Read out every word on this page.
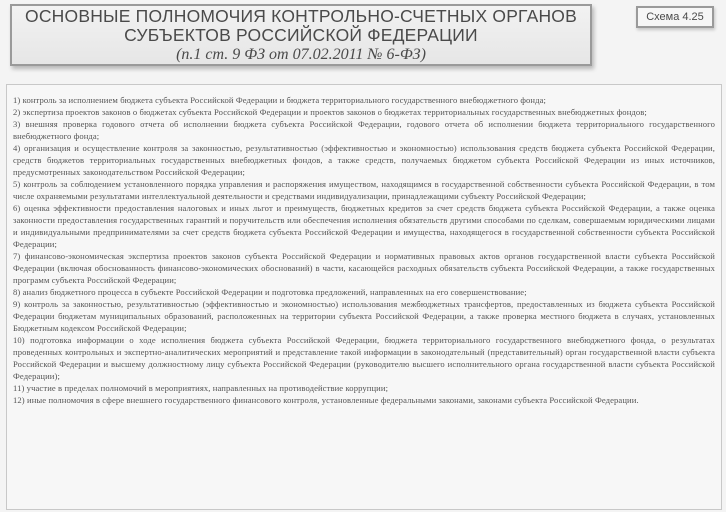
ОСНОВНЫЕ ПОЛНОМОЧИЯ КОНТРОЛЬНО-СЧЕТНЫХ ОРГАНОВ
СУБЪЕКТОВ РОССИЙСКОЙ ФЕДЕРАЦИИ
(п.1 ст. 9 ФЗ от 07.02.2011 № 6-ФЗ)
Схема 4.25

1) контроль за исполнением бюджета субъекта Российской Федерации и бюджета территориального государственного внебюджетного фонда;

2) экспертиза проектов законов о бюджетах субъекта Российской Федерации и проектов законов о бюджетах территориальных государственных внебюджетных фондов;

3) внешняя проверка годового отчета об исполнении бюджета субъекта Российской Федерации, годового отчета об исполнении бюджета территориального государственного внебюджетного фонда;

4) организация и осуществление контроля за законностью, результативностью (эффективностью и экономностью) использования средств бюджета субъекта Российской Федерации, средств бюджетов территориальных государственных внебюджетных фондов, а также средств, получаемых бюджетом субъекта Российской Федерации из иных источников, предусмотренных законодательством Российской Федерации;

5) контроль за соблюдением установленного порядка управления и распоряжения имуществом, находящимся в государственной собственности субъекта Российской Федерации, в том числе охраняемыми результатами интеллектуальной деятельности и средствами индивидуализации, принадлежащими субъекту Российской Федерации;

6) оценка эффективности предоставления налоговых и иных льгот и преимуществ, бюджетных кредитов за счет средств бюджета субъекта Российской Федерации, а также оценка законности предоставления государственных гарантий и поручительств или обеспечения исполнения обязательств другими способами по сделкам, совершаемым юридическими лицами и индивидуальными предпринимателями за счет средств бюджета субъекта Российской Федерации и имущества, находящегося в государственной собственности субъекта Российской Федерации;

7) финансово-экономическая экспертиза проектов законов субъекта Российской Федерации и нормативных правовых актов органов государственной власти субъекта Российской Федерации (включая обоснованность финансово-экономических обоснований) в части, касающейся расходных обязательств субъекта Российской Федерации, а также государственных программ субъекта Российской Федерации;

8) анализ бюджетного процесса в субъекте Российской Федерации и подготовка предложений, направленных на его совершенствование;

9) контроль за законностью, результативностью (эффективностью и экономностью) использования межбюджетных трансфертов, предоставленных из бюджета субъекта Российской Федерации бюджетам муниципальных образований, расположенных на территории субъекта Российской Федерации, а также проверка местного бюджета в случаях, установленных Бюджетным кодексом Российской Федерации;

10) подготовка информации о ходе исполнения бюджета субъекта Российской Федерации, бюджета территориального государственного внебюджетного фонда, о результатах проведенных контрольных и экспертно-аналитических мероприятий и представление такой информации в законодательный (представительный) орган государственной власти субъекта Российской Федерации и высшему должностному лицу субъекта Российской Федерации (руководителю высшего исполнительного органа государственной власти субъекта Российской Федерации);

11) участие в пределах полномочий в мероприятиях, направленных на противодействие коррупции;

12) иные полномочия в сфере внешнего государственного финансового контроля, установленные федеральными законами, законами субъекта Российской Федерации.
